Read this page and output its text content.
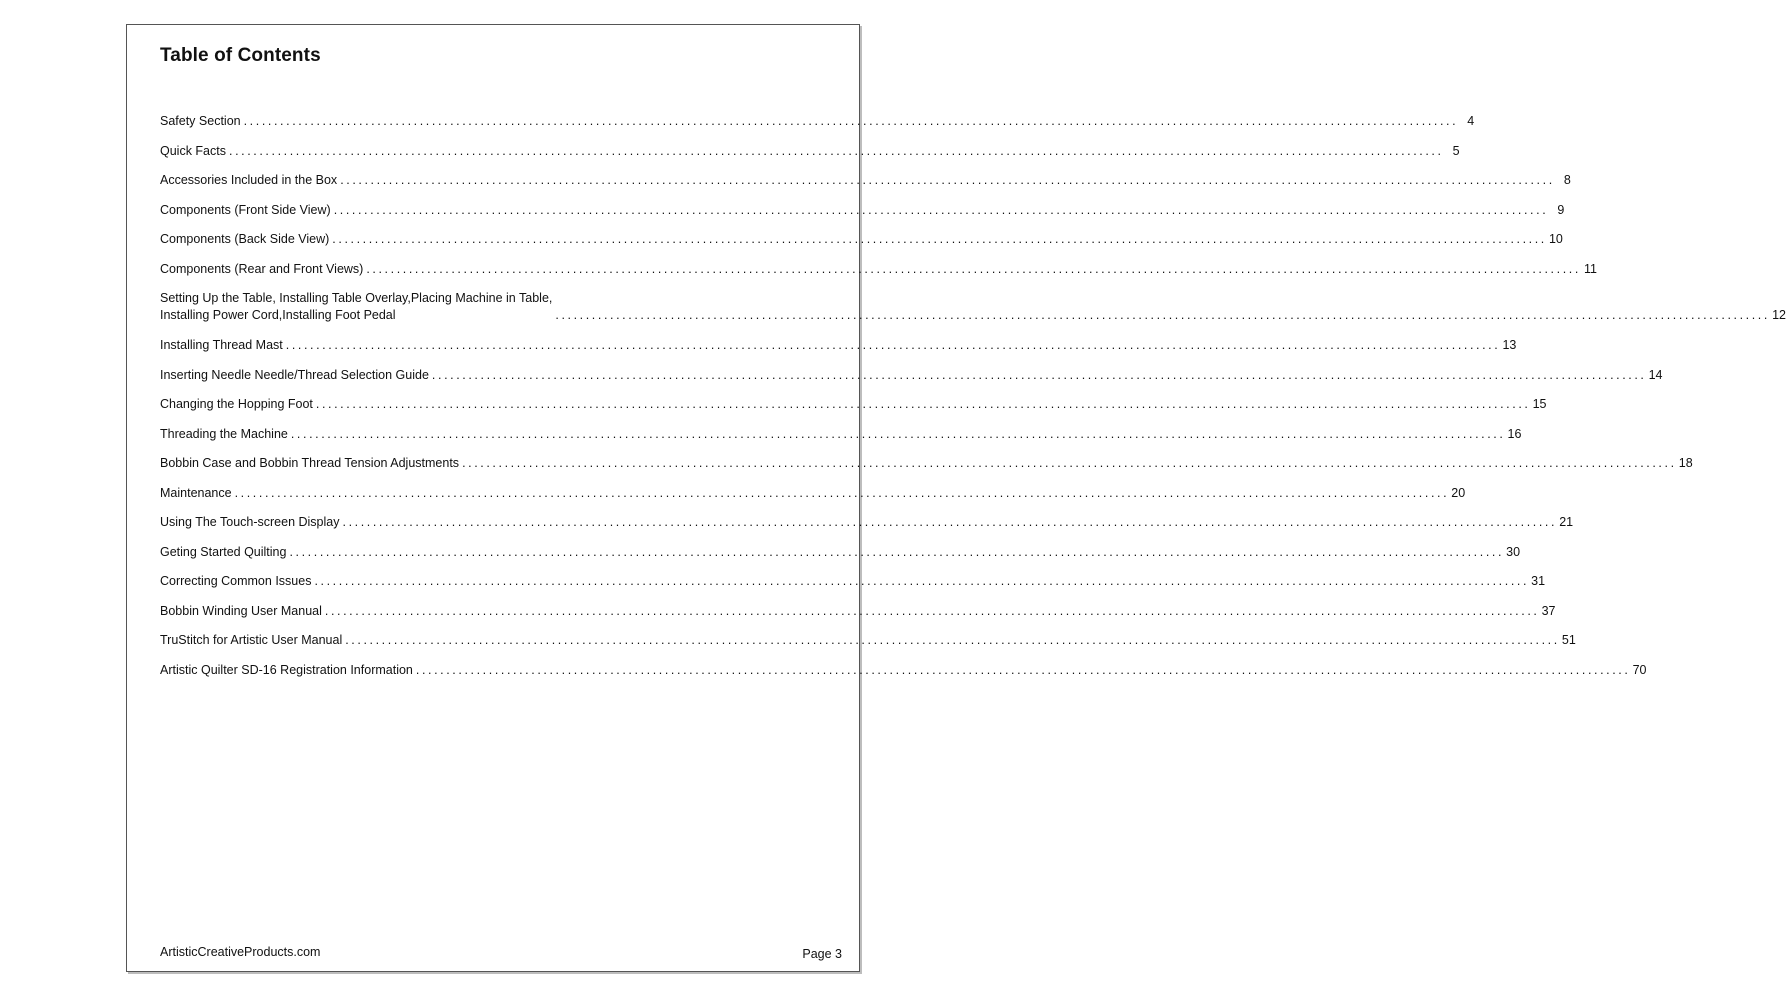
Table of Contents
Safety Section ........................................................................................................................................................................................................ 4
Quick Facts ........................................................................................................................................................................................................ 5
Accessories Included in the Box ........................................................................................................................................................................................................ 8
Components (Front Side View) ........................................................................................................................................................................................................ 9
Components (Back Side View) ........................................................................................................................................................................................................ 10
Components (Rear and Front Views) ........................................................................................................................................................................................................ 11
Setting Up the Table, Installing Table Overlay,Placing Machine in Table,
Installing Power Cord,Installing Foot Pedal	........................................................................................................................................................................................................ 12
Installing Thread Mast ........................................................................................................................................................................................................ 13
Inserting Needle Needle/Thread Selection Guide ........................................................................................................................................................................................................ 14
Changing the Hopping Foot ........................................................................................................................................................................................................ 15
Threading the Machine ........................................................................................................................................................................................................ 16
Bobbin Case and Bobbin Thread Tension Adjustments ........................................................................................................................................................................................................ 18
Maintenance ........................................................................................................................................................................................................ 20
Using The Touch-screen Display ........................................................................................................................................................................................................ 21
Geting Started Quilting ........................................................................................................................................................................................................ 30
Correcting Common Issues ........................................................................................................................................................................................................ 31
Bobbin Winding User Manual ........................................................................................................................................................................................................ 37
TruStitch for Artistic User Manual ........................................................................................................................................................................................................ 51
Artistic Quilter SD-16 Registration Information ........................................................................................................................................................................................................ 70
ArtisticCreativeProducts.com	Page 3
